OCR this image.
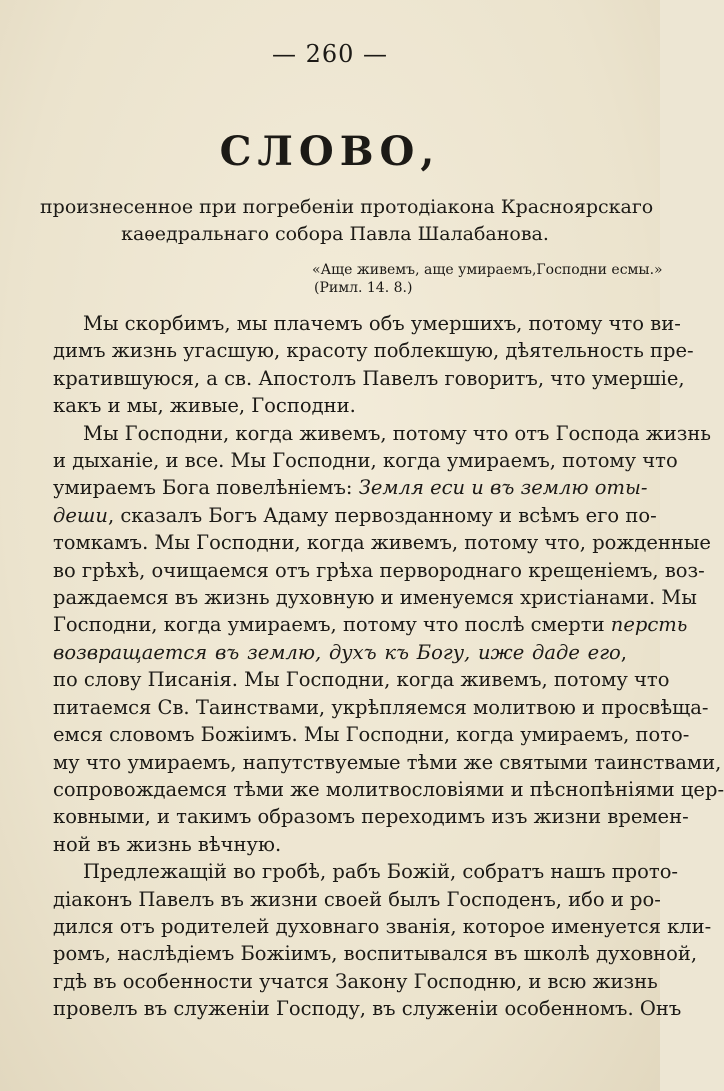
— 260 —
СЛОВО,
произнесенное при погребенiи протодiакона Красноярскаго
каѳедральнаго собора Павла Шалабанова.
«Аще живемъ, аще умираемъ,Господни есмы.»
(Римл. 14. 8.)
Мы скорбимъ, мы плачемъ объ умершихъ, потому что ви-
димъ жизнь угасшую, красоту поблекшую, дѣятельность пре-
кратившуюся, а св. Апостолъ Павелъ говоритъ, что умершiе,
какъ и мы, живые, Господни.
Мы Господни, когда живемъ, потому что отъ Господа жизнь
и дыханiе, и все. Мы Господни, когда умираемъ, потому что
умираемъ Бога повелѣнiемъ: Земля еси и въ землю оты-
деши, сказалъ Богъ Адаму первозданному и всѣмъ его по-
томкамъ. Мы Господни, когда живемъ, потому что, рожденные
во грѣхѣ, очищаемся отъ грѣха первороднаго крещенiемъ, воз-
раждаемся въ жизнь духовную и именуемся христiанами. Мы
Господни, когда умираемъ, потому что послѣ смерти персть
возвращается въ землю, духъ къ Богу, иже даде его,
по слову Писанiя. Мы Господни, когда живемъ, потому что
питаемся Св. Таинствами, укрѣпляемся молитвою и просвѣща-
емся словомъ Божiимъ. Мы Господни, когда умираемъ, пото-
му что умираемъ, напутствуемые тѣми же святыми таинствами,
сопровождаемся тѣми же молитвословiями и пѣснопѣнiями цер-
ковными, и такимъ образомъ переходимъ изъ жизни времен-
ной въ жизнь вѣчную.
Предлежащiй во гробѣ, рабъ Божiй, собратъ нашъ прото-
дiаконъ Павелъ въ жизни своей былъ Господенъ, ибо и ро-
дился отъ родителей духовнаго званiя, которое именуется кли-
ромъ, наслѣдiемъ Божiимъ, воспитывался въ школѣ духовной,
гдѣ въ особенности учатся Закону Господню, и всю жизнь
провелъ въ служенiи Господу, въ служенiи особенномъ. Онъ
